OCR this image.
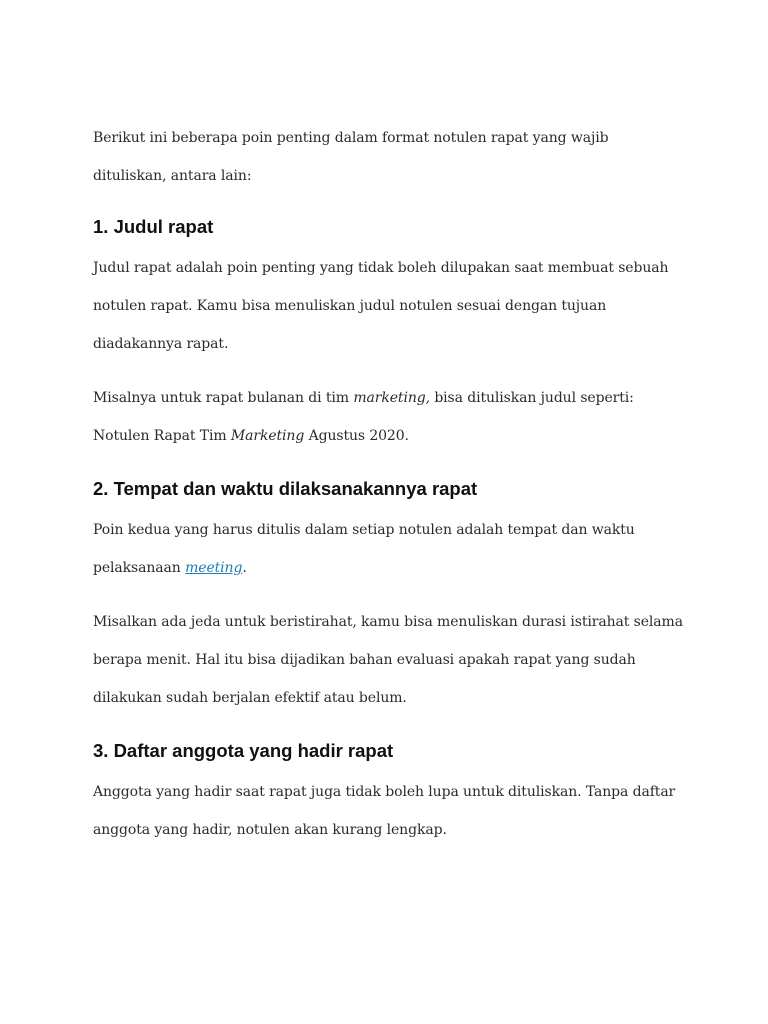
Berikut ini beberapa poin penting dalam format notulen rapat yang wajib
dituliskan, antara lain:

1. Judul rapat

Judul rapat adalah poin penting yang tidak boleh dilupakan saat membuat sebuah
notulen rapat. Kamu bisa menuliskan judul notulen sesuai dengan tujuan
diadakannya rapat.

Misalnya untuk rapat bulanan di tim marketing, bisa dituliskan judul seperti:
Notulen Rapat Tim Marketing Agustus 2020.

2. Tempat dan waktu dilaksanakannya rapat

Poin kedua yang harus ditulis dalam setiap notulen adalah tempat dan waktu
pelaksanaan meeting.

Misalkan ada jeda untuk beristirahat, kamu bisa menuliskan durasi istirahat selama
berapa menit. Hal itu bisa dijadikan bahan evaluasi apakah rapat yang sudah
dilakukan sudah berjalan efektif atau belum.

3. Daftar anggota yang hadir rapat

Anggota yang hadir saat rapat juga tidak boleh lupa untuk dituliskan. Tanpa daftar
anggota yang hadir, notulen akan kurang lengkap.
